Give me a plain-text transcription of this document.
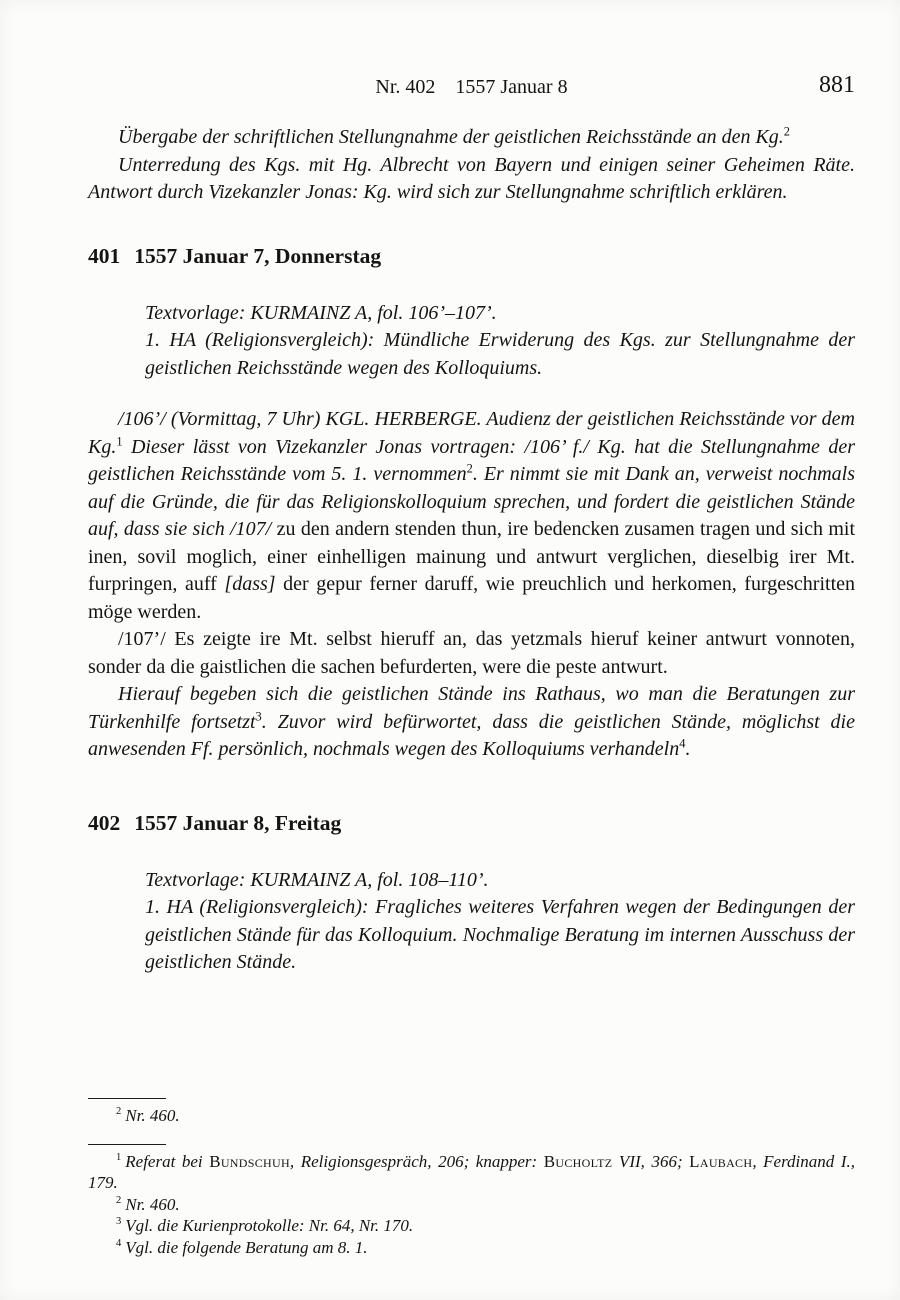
Nr. 402    1557 Januar 8	881

Übergabe der schriftlichen Stellungnahme der geistlichen Reichsstände an den Kg.$^2$

Unterredung des Kgs. mit Hg. Albrecht von Bayern und einigen seiner Geheimen Räte. Antwort durch Vizekanzler Jonas: Kg. wird sich zur Stellungnahme schriftlich erklären.

401 1557 Januar 7, Donnerstag

Textvorlage: KURMAINZ A, fol. 106’–107’.

1. HA (Religionsvergleich): Mündliche Erwiderung des Kgs. zur Stellungnahme der geistlichen Reichsstände wegen des Kolloquiums.

/106’/ (Vormittag, 7 Uhr) KGL. HERBERGE. Audienz der geistlichen Reichsstände vor dem Kg.$^1$ Dieser lässt von Vizekanzler Jonas vortragen: /106’ f./ Kg. hat die Stellungnahme der geistlichen Reichsstände vom 5. 1. vernommen$^2$. Er nimmt sie mit Dank an, verweist nochmals auf die Gründe, die für das Religionskolloquium sprechen, und fordert die geistlichen Stände auf, dass sie sich /107/ zu den andern stenden thun, ire bedencken zusamen tragen und sich mit inen, sovil moglich, einer einhelligen mainung und antwurt verglichen, dieselbig irer Mt. furpringen, auff [dass] der gepur ferner daruff, wie preuchlich und herkomen, furgeschritten möge werden.

/107’/ Es zeigte ire Mt. selbst hieruff an, das yetzmals hieruf keiner antwurt vonnoten, sonder da die gaistlichen die sachen befurderten, were die peste antwurt.

Hierauf begeben sich die geistlichen Stände ins Rathaus, wo man die Beratungen zur Türkenhilfe fortsetzt$^3$. Zuvor wird befürwortet, dass die geistlichen Stände, möglichst die anwesenden Ff. persönlich, nochmals wegen des Kolloquiums verhandeln$^4$.

402 1557 Januar 8, Freitag

Textvorlage: KURMAINZ A, fol. 108–110’.

1. HA (Religionsvergleich): Fragliches weiteres Verfahren wegen der Bedingungen der geistlichen Stände für das Kolloquium. Nochmalige Beratung im internen Ausschuss der geistlichen Stände.

$^2$ Nr. 460.

$^1$ Referat bei Bundschuh, Religionsgespräch, 206; knapper: Bucholtz VII, 366; Laubach, Ferdinand I., 179.

$^2$ Nr. 460.

$^3$ Vgl. die Kurienprotokolle: Nr. 64, Nr. 170.

$^4$ Vgl. die folgende Beratung am 8. 1.
